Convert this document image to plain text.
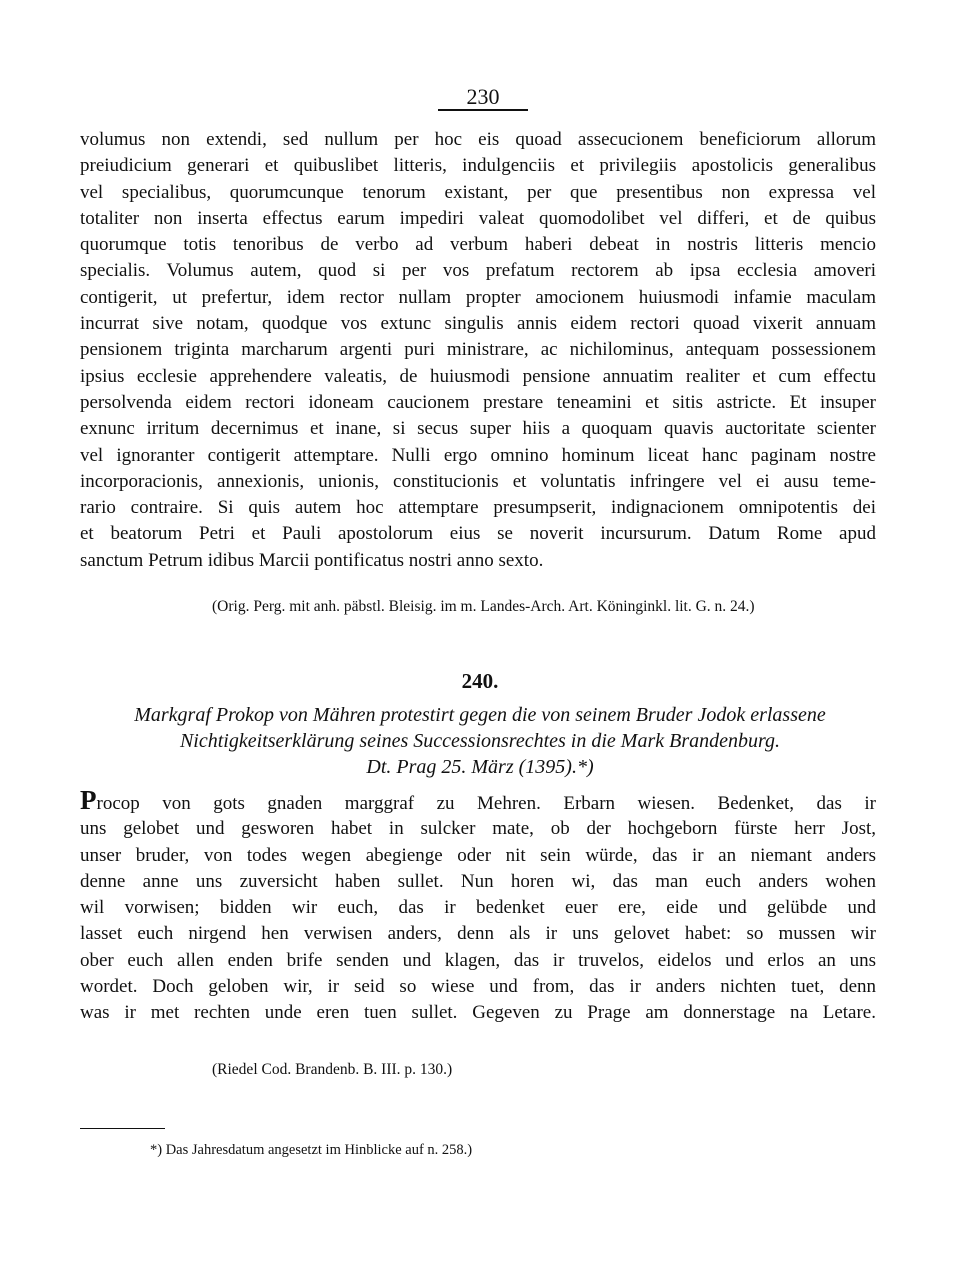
230
volumus non extendi, sed nullum per hoc eis quoad assecucionem beneficiorum allorum
preiudicium generari et quibuslibet litteris, indulgenciis et privilegiis apostolicis generalibus
vel specialibus, quorumcunque tenorum existant, per que presentibus non expressa vel
totaliter non inserta effectus earum impediri valeat quomodolibet vel differi, et de quibus
quorumque totis tenoribus de verbo ad verbum haberi debeat in nostris litteris mencio
specialis. Volumus autem, quod si per vos prefatum rectorem ab ipsa ecclesia amoveri
contigerit, ut prefertur, idem rector nullam propter amocionem huiusmodi infamie maculam
incurrat sive notam, quodque vos extunc singulis annis eidem rectori quoad vixerit annuam
pensionem triginta marcharum argenti puri ministrare, ac nichilominus, antequam possessionem
ipsius ecclesie apprehendere valeatis, de huiusmodi pensione annuatim realiter et cum effectu
persolvenda eidem rectori idoneam caucionem prestare teneamini et sitis astricte. Et insuper
exnunc irritum decernimus et inane, si secus super hiis a quoquam quavis auctoritate scienter
vel ignoranter contigerit attemptare. Nulli ergo omnino hominum liceat hanc paginam nostre
incorporacionis, annexionis, unionis, constitucionis et voluntatis infringere vel ei ausu teme-
rario contraire. Si quis autem hoc attemptare presumpserit, indignacionem omnipotentis dei
et beatorum Petri et Pauli apostolorum eius se noverit incursurum. Datum Rome apud
sanctum Petrum idibus Marcii pontificatus nostri anno sexto.
(Orig. Perg. mit anh. päbstl. Bleisig. im m. Landes-Arch. Art. Köninginkl. lit. G. n. 24.)
240.
Markgraf Prokop von Mähren protestirt gegen die von seinem Bruder Jodok erlassene
Nichtigkeitserklärung seines Successionsrechtes in die Mark Brandenburg.
Dt. Prag 25. März (1395).*)
Procop von gots gnaden marggraf zu Mehren. Erbarn wiesen. Bedenket, das ir
uns gelobet und gesworen habet in sulcker mate, ob der hochgeborn fürste herr Jost,
unser bruder, von todes wegen abegienge oder nit sein würde, das ir an niemant anders
denne anne uns zuversicht haben sullet. Nun horen wi, das man euch anders wohen
wil vorwisen; bidden wir euch, das ir bedenket euer ere, eide und gelübde und
lasset euch nirgend hen verwisen anders, denn als ir uns gelovet habet: so mussen wir
ober euch allen enden brife senden und klagen, das ir truvelos, eidelos und erlos an uns
wordet. Doch geloben wir, ir seid so wiese und from, das ir anders nichten tuet, denn
was ir met rechten unde eren tuen sullet. Gegeven zu Prage am donnerstage na Letare.
(Riedel Cod. Brandenb. B. III. p. 130.)
*) Das Jahresdatum angesetzt im Hinblicke auf n. 258.)
